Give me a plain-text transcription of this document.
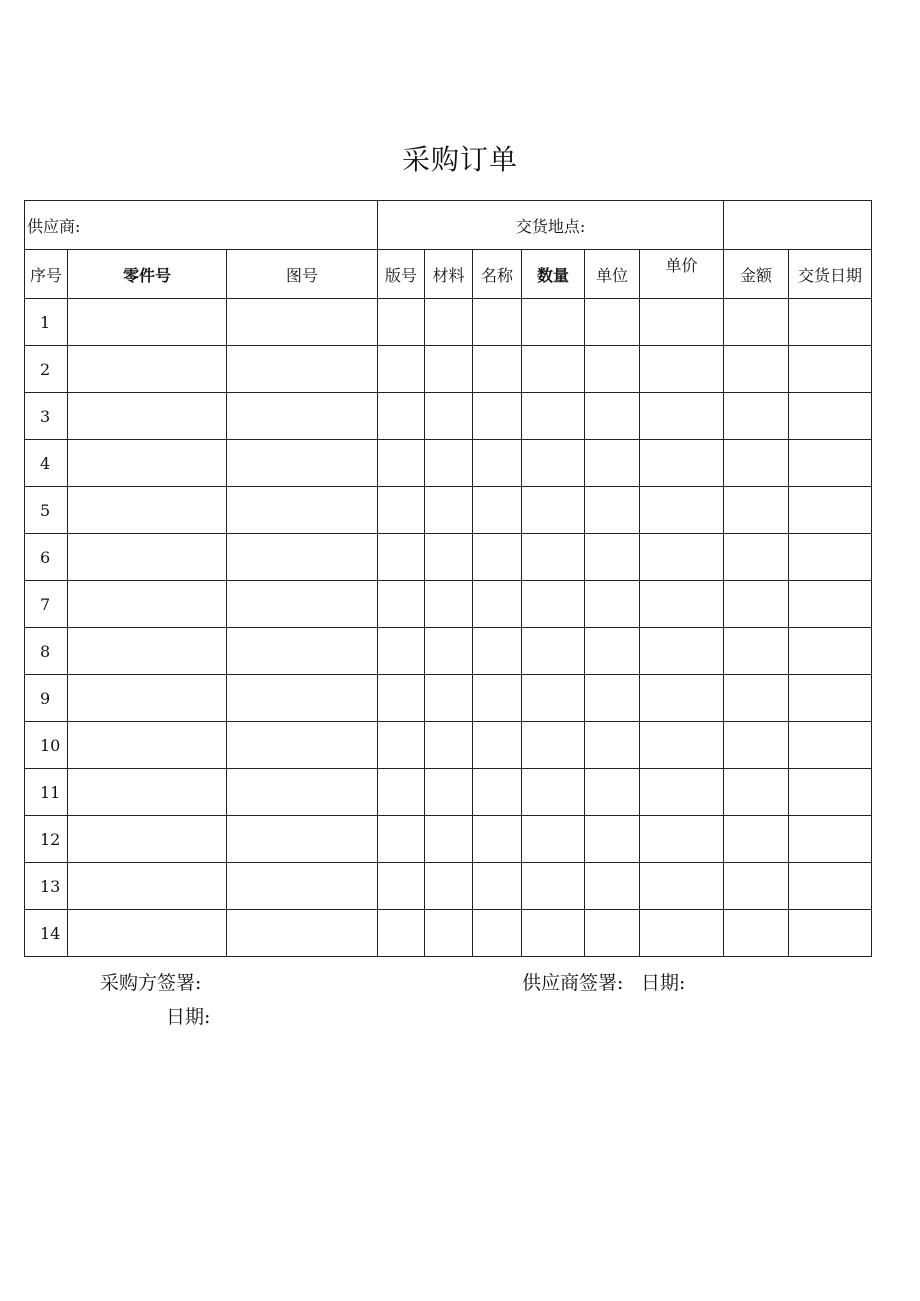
采购订单
供应商:			交货地点:							
序号	零件号	图号	版号	材料	名称	数量	单位	单价	金额	交货日期
1										
2										
3										
4										
5										
6										
7										
8										
9										
10										
11										
12										
13										
14										
采购方签署:
日期:
供应商签署: 日期:
